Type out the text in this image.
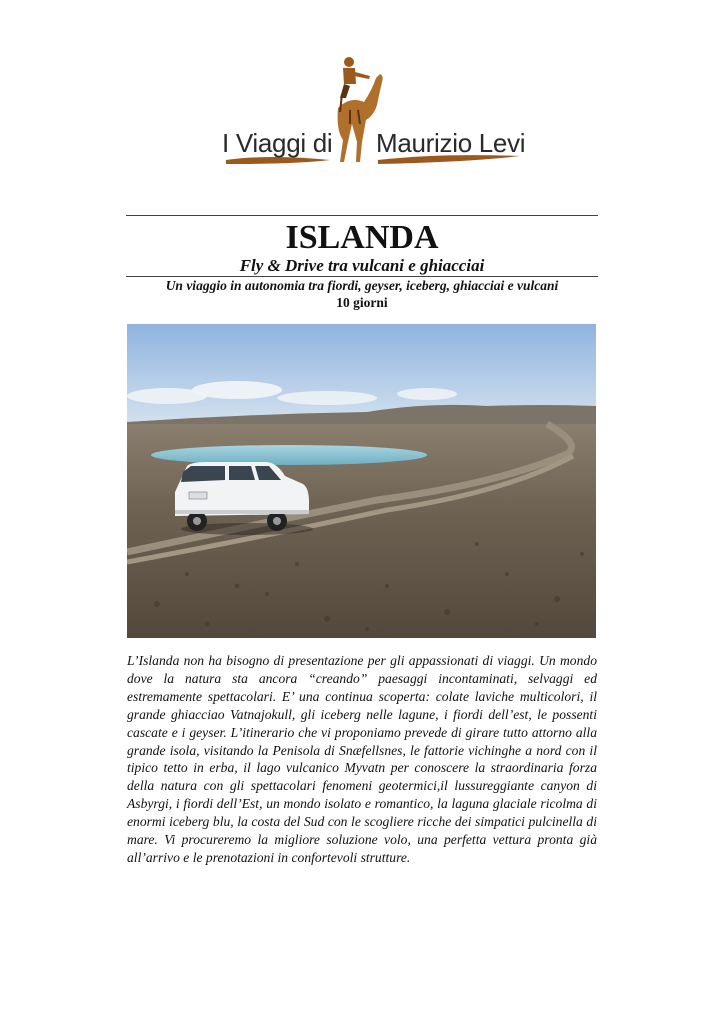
I Viaggi di Maurizio Levi
ISLANDA
Fly & Drive tra vulcani e ghiacciai
Un viaggio in autonomia tra fiordi, geyser, iceberg, ghiacciai e vulcani
10 giorni

L’Islanda non ha bisogno di presentazione per gli appassionati di viaggi. Un mondo dove la natura sta ancora “creando” paesaggi incontaminati, selvaggi ed estremamente spettacolari. E’ una continua scoperta: colate laviche multicolori, il grande ghiacciao Vatnajokull, gli iceberg nelle lagune, i fiordi dell’est, le possenti cascate e i geyser. L’itinerario che vi proponiamo prevede di girare tutto attorno alla grande isola, visitando la Penisola di Snæfellsnes, le fattorie vichinghe a nord con il tipico tetto in erba, il lago vulcanico Myvatn per conoscere la straordinaria forza della natura con gli spettacolari fenomeni geotermici,il lussureggiante canyon di Asbyrgi, i fiordi dell’Est, un mondo isolato e romantico, la laguna glaciale ricolma di enormi iceberg blu, la costa del Sud con le scogliere ricche dei simpatici pulcinella di mare. Vi procureremo la migliore soluzione volo, una perfetta vettura pronta già all’arrivo e le prenotazioni in confortevoli strutture.
